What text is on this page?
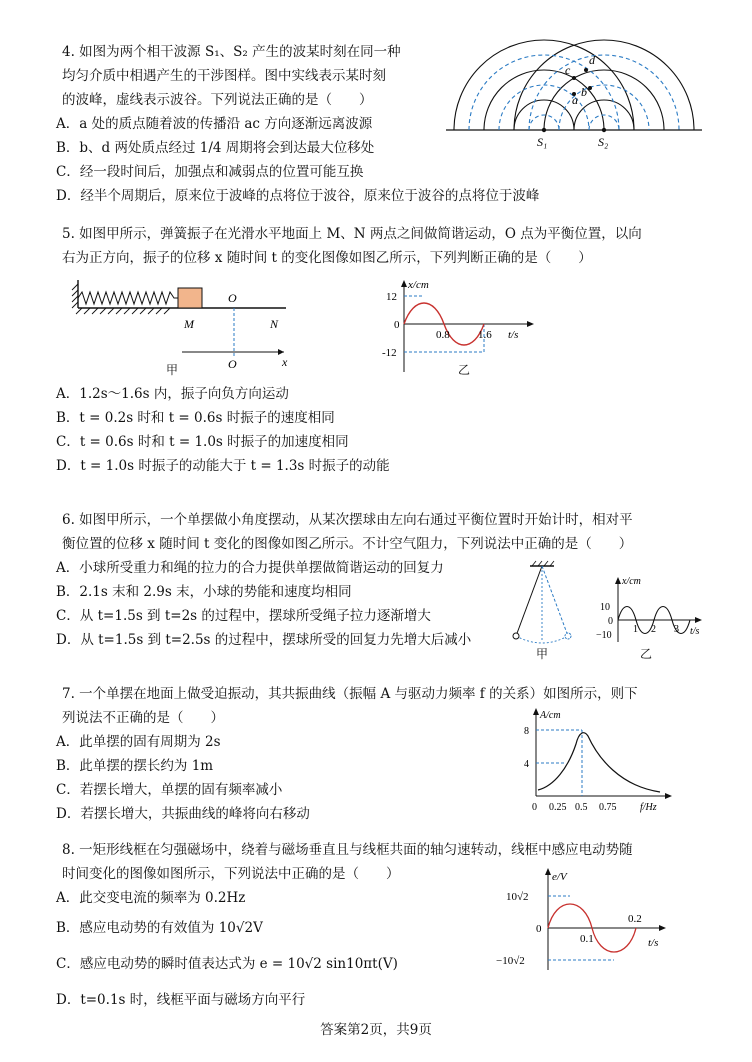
4. 如图为两个相干波源 S₁、S₂ 产生的波某时刻在同一种
均匀介质中相遇产生的干涉图样。图中实线表示某时刻
的波峰，虚线表示波谷。下列说法正确的是（　　）
A．a 处的质点随着波的传播沿 ac 方向逐渐远离波源
B．b、d 两处质点经过 1/4 周期将会到达最大位移处
C．经一段时间后，加强点和减弱点的位置可能互换
D．经半个周期后，原来位于波峰的点将位于波谷，原来位于波谷的点将位于波峰
a
b
c
d
S₁	S₂
5. 如图甲所示，弹簧振子在光滑水平地面上 M、N 两点之间做简谐运动，O 点为平衡位置，以向
右为正方向，振子的位移 x 随时间 t 的变化图像如图乙所示，下列判断正确的是（　　）
O
M	N
O	x
甲
12
0
-12
0.8	1.6 t/s
x/cm
乙
A．1.2s～1.6s 内，振子向负方向运动
B．t = 0.2s 时和 t = 0.6s 时振子的速度相同
C．t = 0.6s 时和 t = 1.0s 时振子的加速度相同
D．t = 1.0s 时振子的动能大于 t = 1.3s 时振子的动能
6. 如图甲所示，一个单摆做小角度摆动，从某次摆球由左向右通过平衡位置时开始计时，相对平
衡位置的位移 x 随时间 t 变化的图像如图乙所示。不计空气阻力，下列说法中正确的是（　　）
A．小球所受重力和绳的拉力的合力提供单摆做简谐运动的回复力
B．2.1s 末和 2.9s 末，小球的势能和速度均相同
C．从 t=1.5s 到 t=2s 的过程中，摆球所受绳子拉力逐渐增大
D．从 t=1.5s 到 t=2.5s 的过程中，摆球所受的回复力先增大后减小
甲
10
0
−10
1 2 3 t/s
x/cm
乙
7. 一个单摆在地面上做受迫振动，其共振曲线（振幅 A 与驱动力频率 f 的关系）如图所示，则下
列说法不正确的是（　　）
A．此单摆的固有周期为 2s
B．此单摆的摆长约为 1m
C．若摆长增大，单摆的固有频率减小
D．若摆长增大，共振曲线的峰将向右移动
8
4
0 0.25 0.5 0.75 f/Hz
A/cm
8. 一矩形线框在匀强磁场中，绕着与磁场垂直且与线框共面的轴匀速转动，线框中感应电动势随
时间变化的图像如图所示，下列说法中正确的是（　　）
A．此交变电流的频率为 0.2Hz
B．感应电动势的有效值为 10√2V
C．感应电动势的瞬时值表达式为 e = 10√2 sin10πt(V)
D．t=0.1s 时，线框平面与磁场方向平行
10√2
0
−10√2
0.1
0.2
t/s
e/V
答案第2页，共9页
